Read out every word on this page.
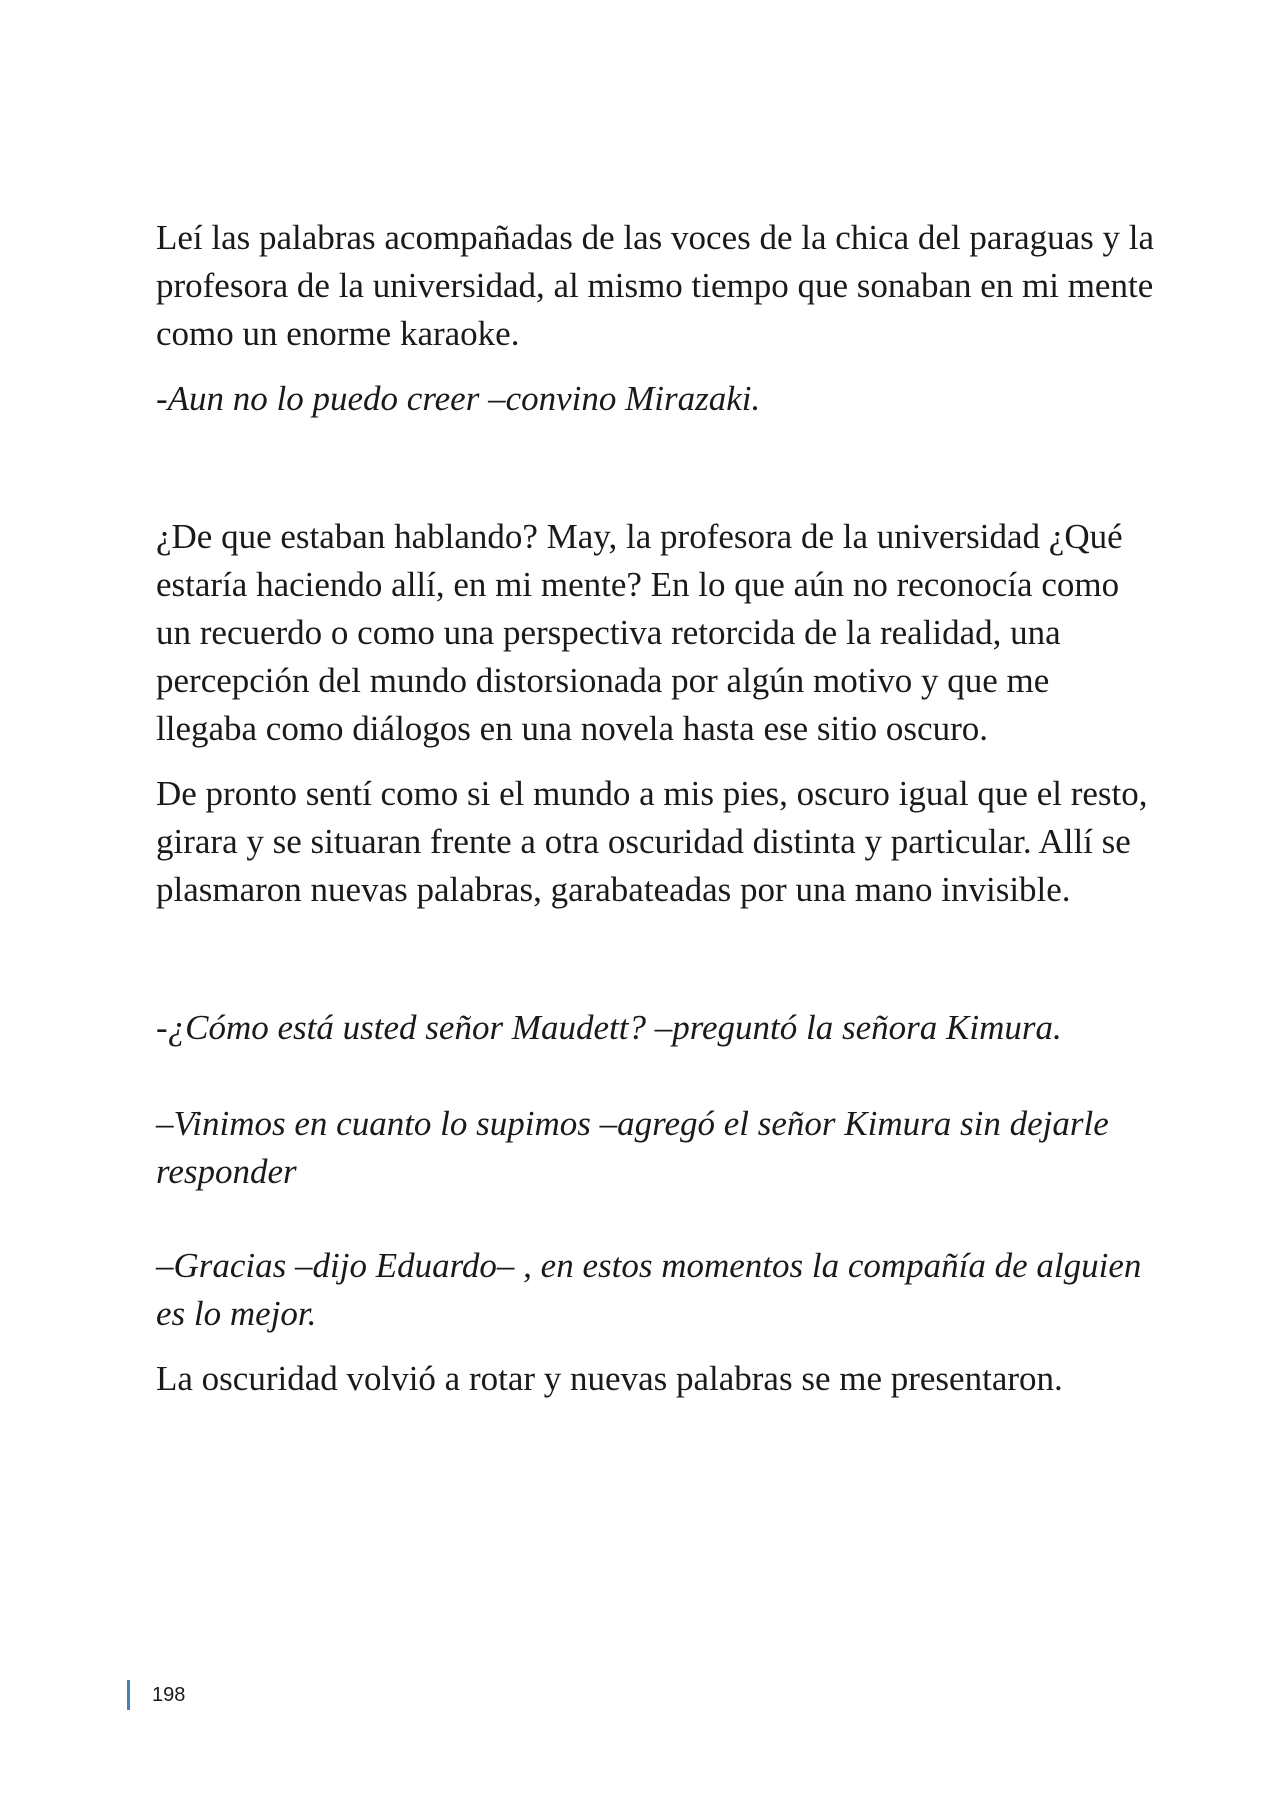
Leí las palabras acompañadas de las voces de la chica del paraguas y la profesora de la universidad, al mismo tiempo que sonaban en mi mente como un enorme karaoke.

-Aun no lo puedo creer –convino Mirazaki.

¿De que estaban hablando? May, la profesora de la universidad ¿Qué estaría haciendo allí, en mi mente? En lo que aún no reconocía como un recuerdo o como una perspectiva retorcida de la realidad, una percepción del mundo distorsionada por algún motivo y que me llegaba como diálogos en una novela hasta ese sitio oscuro.

De pronto sentí como si el mundo a mis pies, oscuro igual que el resto, girara y se situaran frente a otra oscuridad distinta y particular. Allí se plasmaron nuevas palabras, garabateadas por una mano invisible.

-¿Cómo está usted señor Maudett? –preguntó la señora Kimura.

–Vinimos en cuanto lo supimos –agregó el señor Kimura sin dejarle responder

–Gracias –dijo Eduardo– , en estos momentos la compañía de alguien es lo mejor.

La oscuridad volvió a rotar y nuevas palabras se me presentaron.

198
